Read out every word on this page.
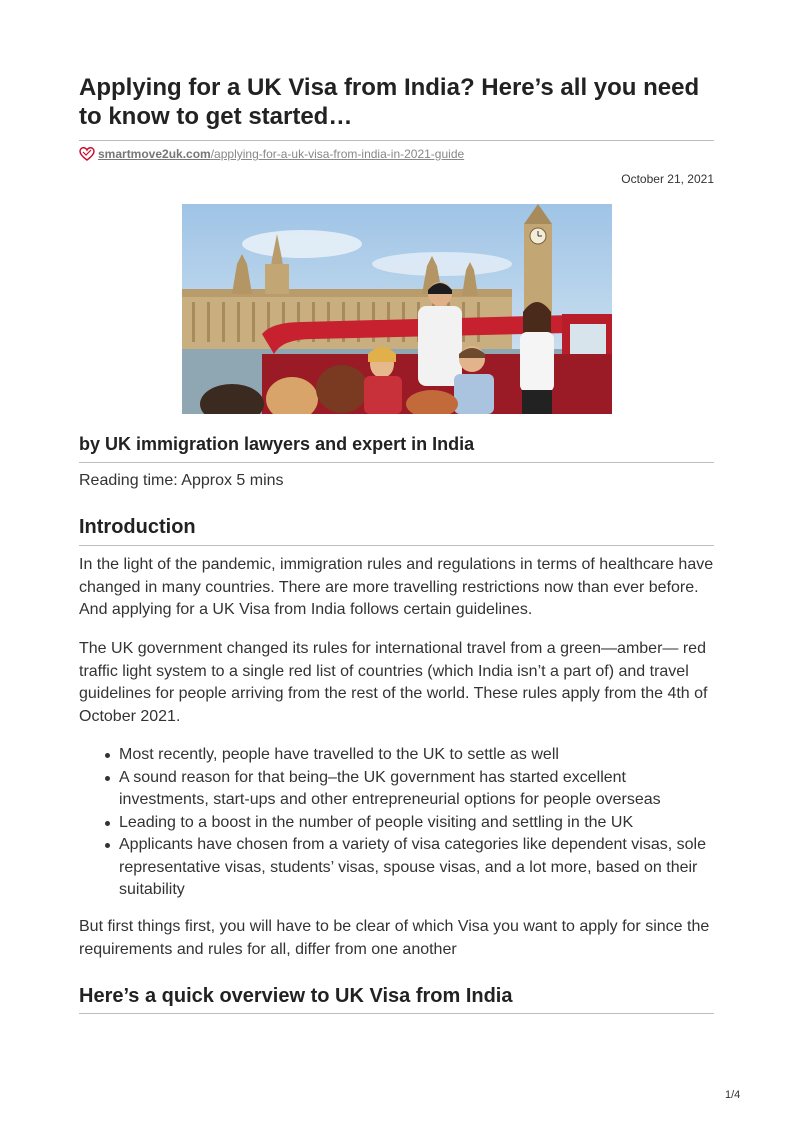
Applying for a UK Visa from India? Here’s all you need to know to get started…
smartmove2uk.com /applying-for-a-uk-visa-from-india-in-2021-guide
October 21, 2021
by UK immigration lawyers and expert in India
Reading time: Approx 5 mins
Introduction

In the light of the pandemic, immigration rules and regulations in terms of healthcare have changed in many countries. There are more travelling restrictions now than ever before. And applying for a UK Visa from India follows certain guidelines.

The UK government changed its rules for international travel from a green—amber— red traffic light system to a single red list of countries (which India isn’t a part of) and travel guidelines for people arriving from the rest of the world. These rules apply from the 4th of October 2021.

Most recently, people have travelled to the UK to settle as well
A sound reason for that being–the UK government has started excellent investments, start-ups and other entrepreneurial options for people overseas
Leading to a boost in the number of people visiting and settling in the UK
Applicants have chosen from a variety of visa categories like dependent visas, sole representative visas, students’ visas, spouse visas, and a lot more, based on their suitability

But first things first, you will have to be clear of which Visa you want to apply for since the requirements and rules for all, differ from one another

Here’s a quick overview to UK Visa from India
1/4
